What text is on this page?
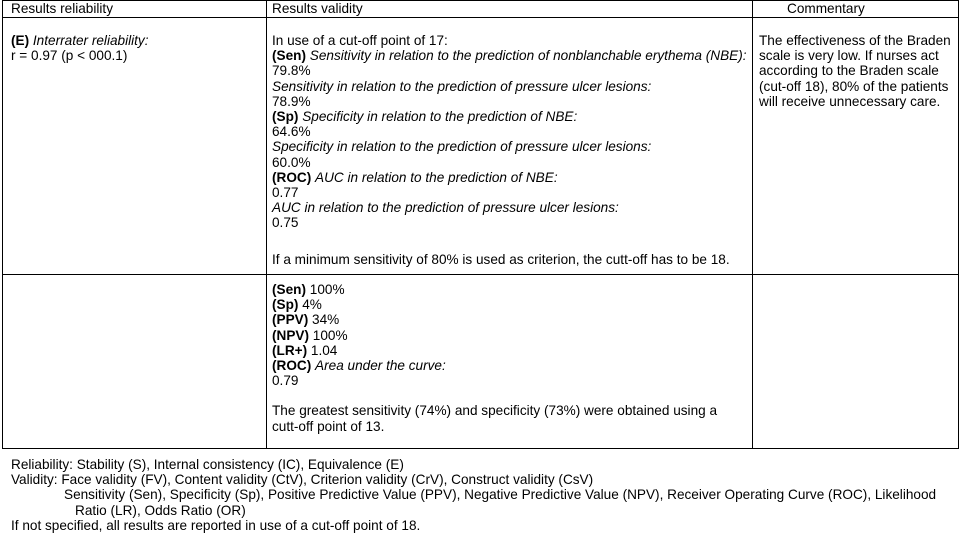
Results reliability	Results validity	Commentary
(E) Interrater reliability:
r = 0.97 (p < 000.1)
In use of a cut-off point of 17:
(Sen) Sensitivity in relation to the prediction of nonblanchable erythema (NBE):
79.8%
Sensitivity in relation to the prediction of pressure ulcer lesions:
78.9%
(Sp) Specificity in relation to the prediction of NBE:
64.6%
Specificity in relation to the prediction of pressure ulcer lesions:
60.0%
(ROC) AUC in relation to the prediction of NBE:
0.77
AUC in relation to the prediction of pressure ulcer lesions:
0.75
If a minimum sensitivity of 80% is used as criterion, the cutt-off has to be 18.
(Sen) 100%
(Sp) 4%
(PPV) 34%
(NPV) 100%
(LR+) 1.04
(ROC) Area under the curve:
0.79
The greatest sensitivity (74%) and specificity (73%) were obtained using a cutt-off point of 13.
The effectiveness of the Braden scale is very low. If nurses act according to the Braden scale (cut-off 18), 80% of the patients will receive unnecessary care.
Reliability: Stability (S), Internal consistency (IC), Equivalence (E)
Validity: Face validity (FV), Content validity (CtV), Criterion validity (CrV), Construct validity (CsV)
Sensitivity (Sen), Specificity (Sp), Positive Predictive Value (PPV), Negative Predictive Value (NPV), Receiver Operating Curve (ROC), Likelihood
Ratio (LR), Odds Ratio (OR)
If not specified, all results are reported in use of a cut-off point of 18.
